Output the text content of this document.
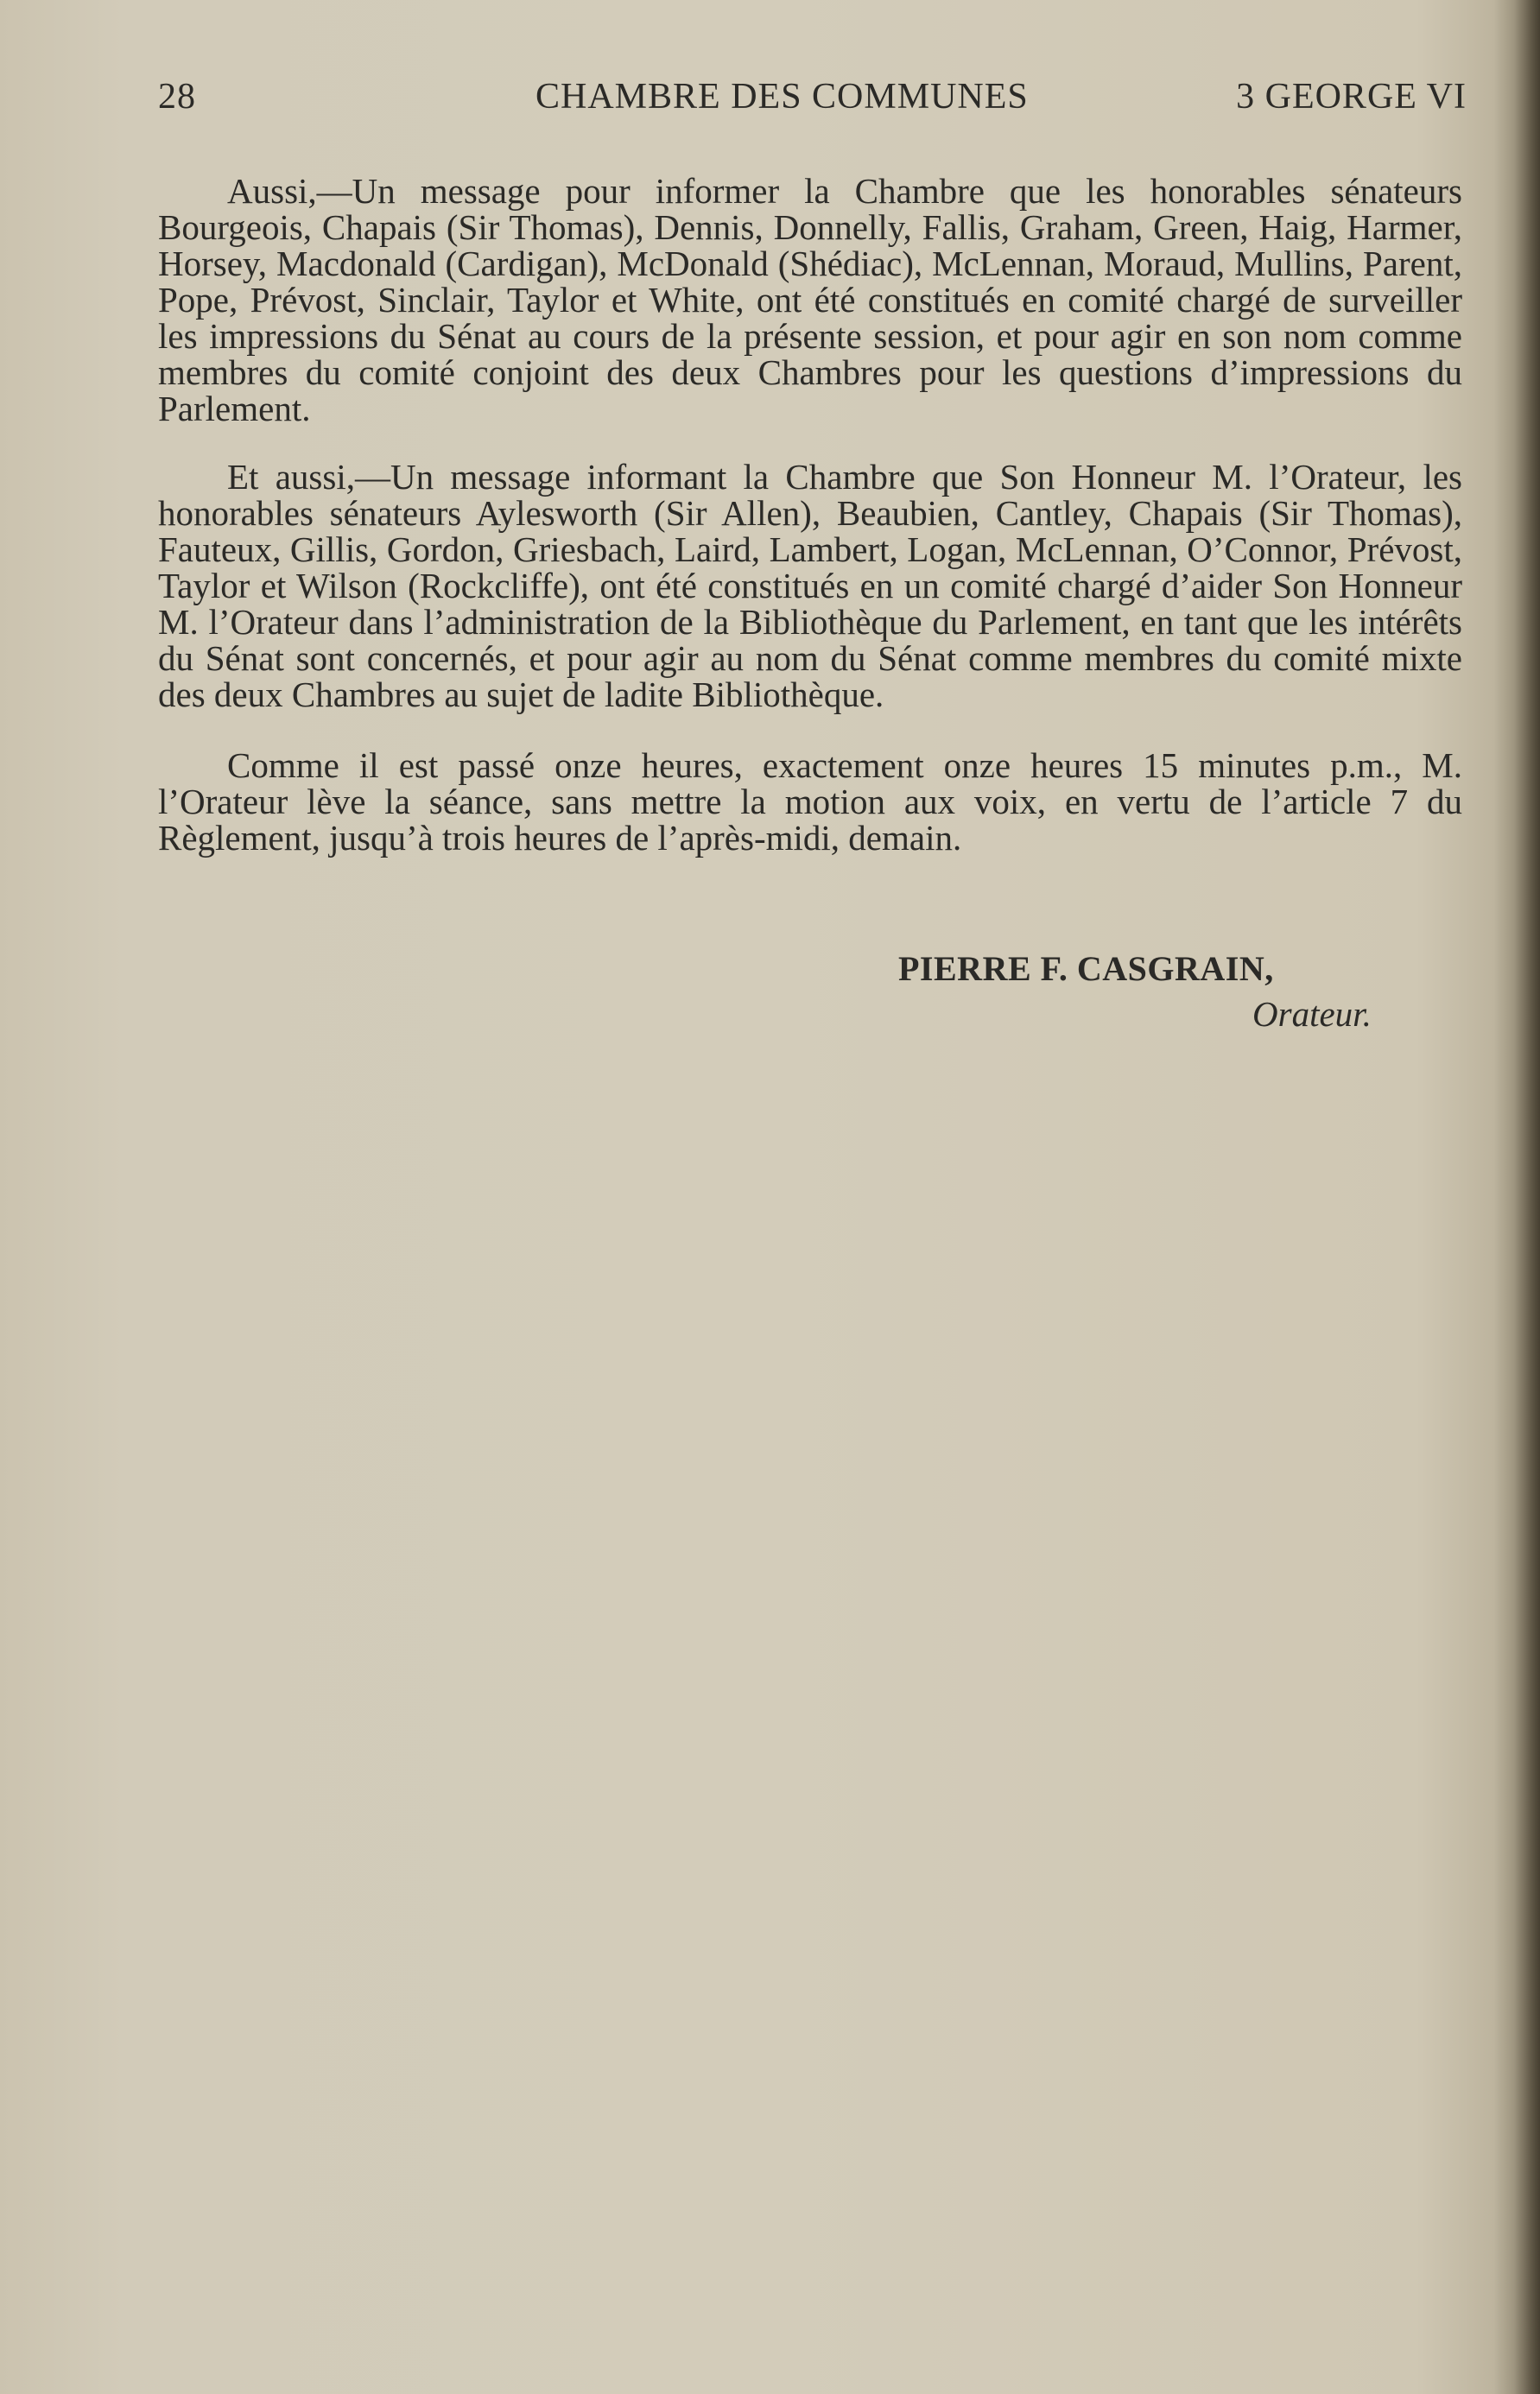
28	CHAMBRE DES COMMUNES	3 GEORGE VI

Aussi,—Un message pour informer la Chambre que les honorables sénateurs Bourgeois, Chapais (Sir Thomas), Dennis, Donnelly, Fallis, Graham, Green, Haig, Harmer, Horsey, Macdonald (Cardigan), McDonald (Shédiac), McLennan, Moraud, Mullins, Parent, Pope, Prévost, Sinclair, Taylor et White, ont été constitués en comité chargé de surveiller les impressions du Sénat au cours de la présente session, et pour agir en son nom comme membres du comité conjoint des deux Chambres pour les questions d’impressions du Parlement.

Et aussi,—Un message informant la Chambre que Son Honneur M. l’Orateur, les honorables sénateurs Aylesworth (Sir Allen), Beaubien, Cantley, Chapais (Sir Thomas), Fauteux, Gillis, Gordon, Griesbach, Laird, Lambert, Logan, McLennan, O’Connor, Prévost, Taylor et Wilson (Rockcliffe), ont été constitués en un comité chargé d’aider Son Honneur M. l’Orateur dans l’administration de la Bibliothèque du Parlement, en tant que les intérêts du Sénat sont concernés, et pour agir au nom du Sénat comme membres du comité mixte des deux Chambres au sujet de ladite Bibliothèque.

Comme il est passé onze heures, exactement onze heures 15 minutes p.m., M. l’Orateur lève la séance, sans mettre la motion aux voix, en vertu de l’article 7 du Règlement, jusqu’à trois heures de l’après-midi, demain.

PIERRE F. CASGRAIN,
Orateur.
